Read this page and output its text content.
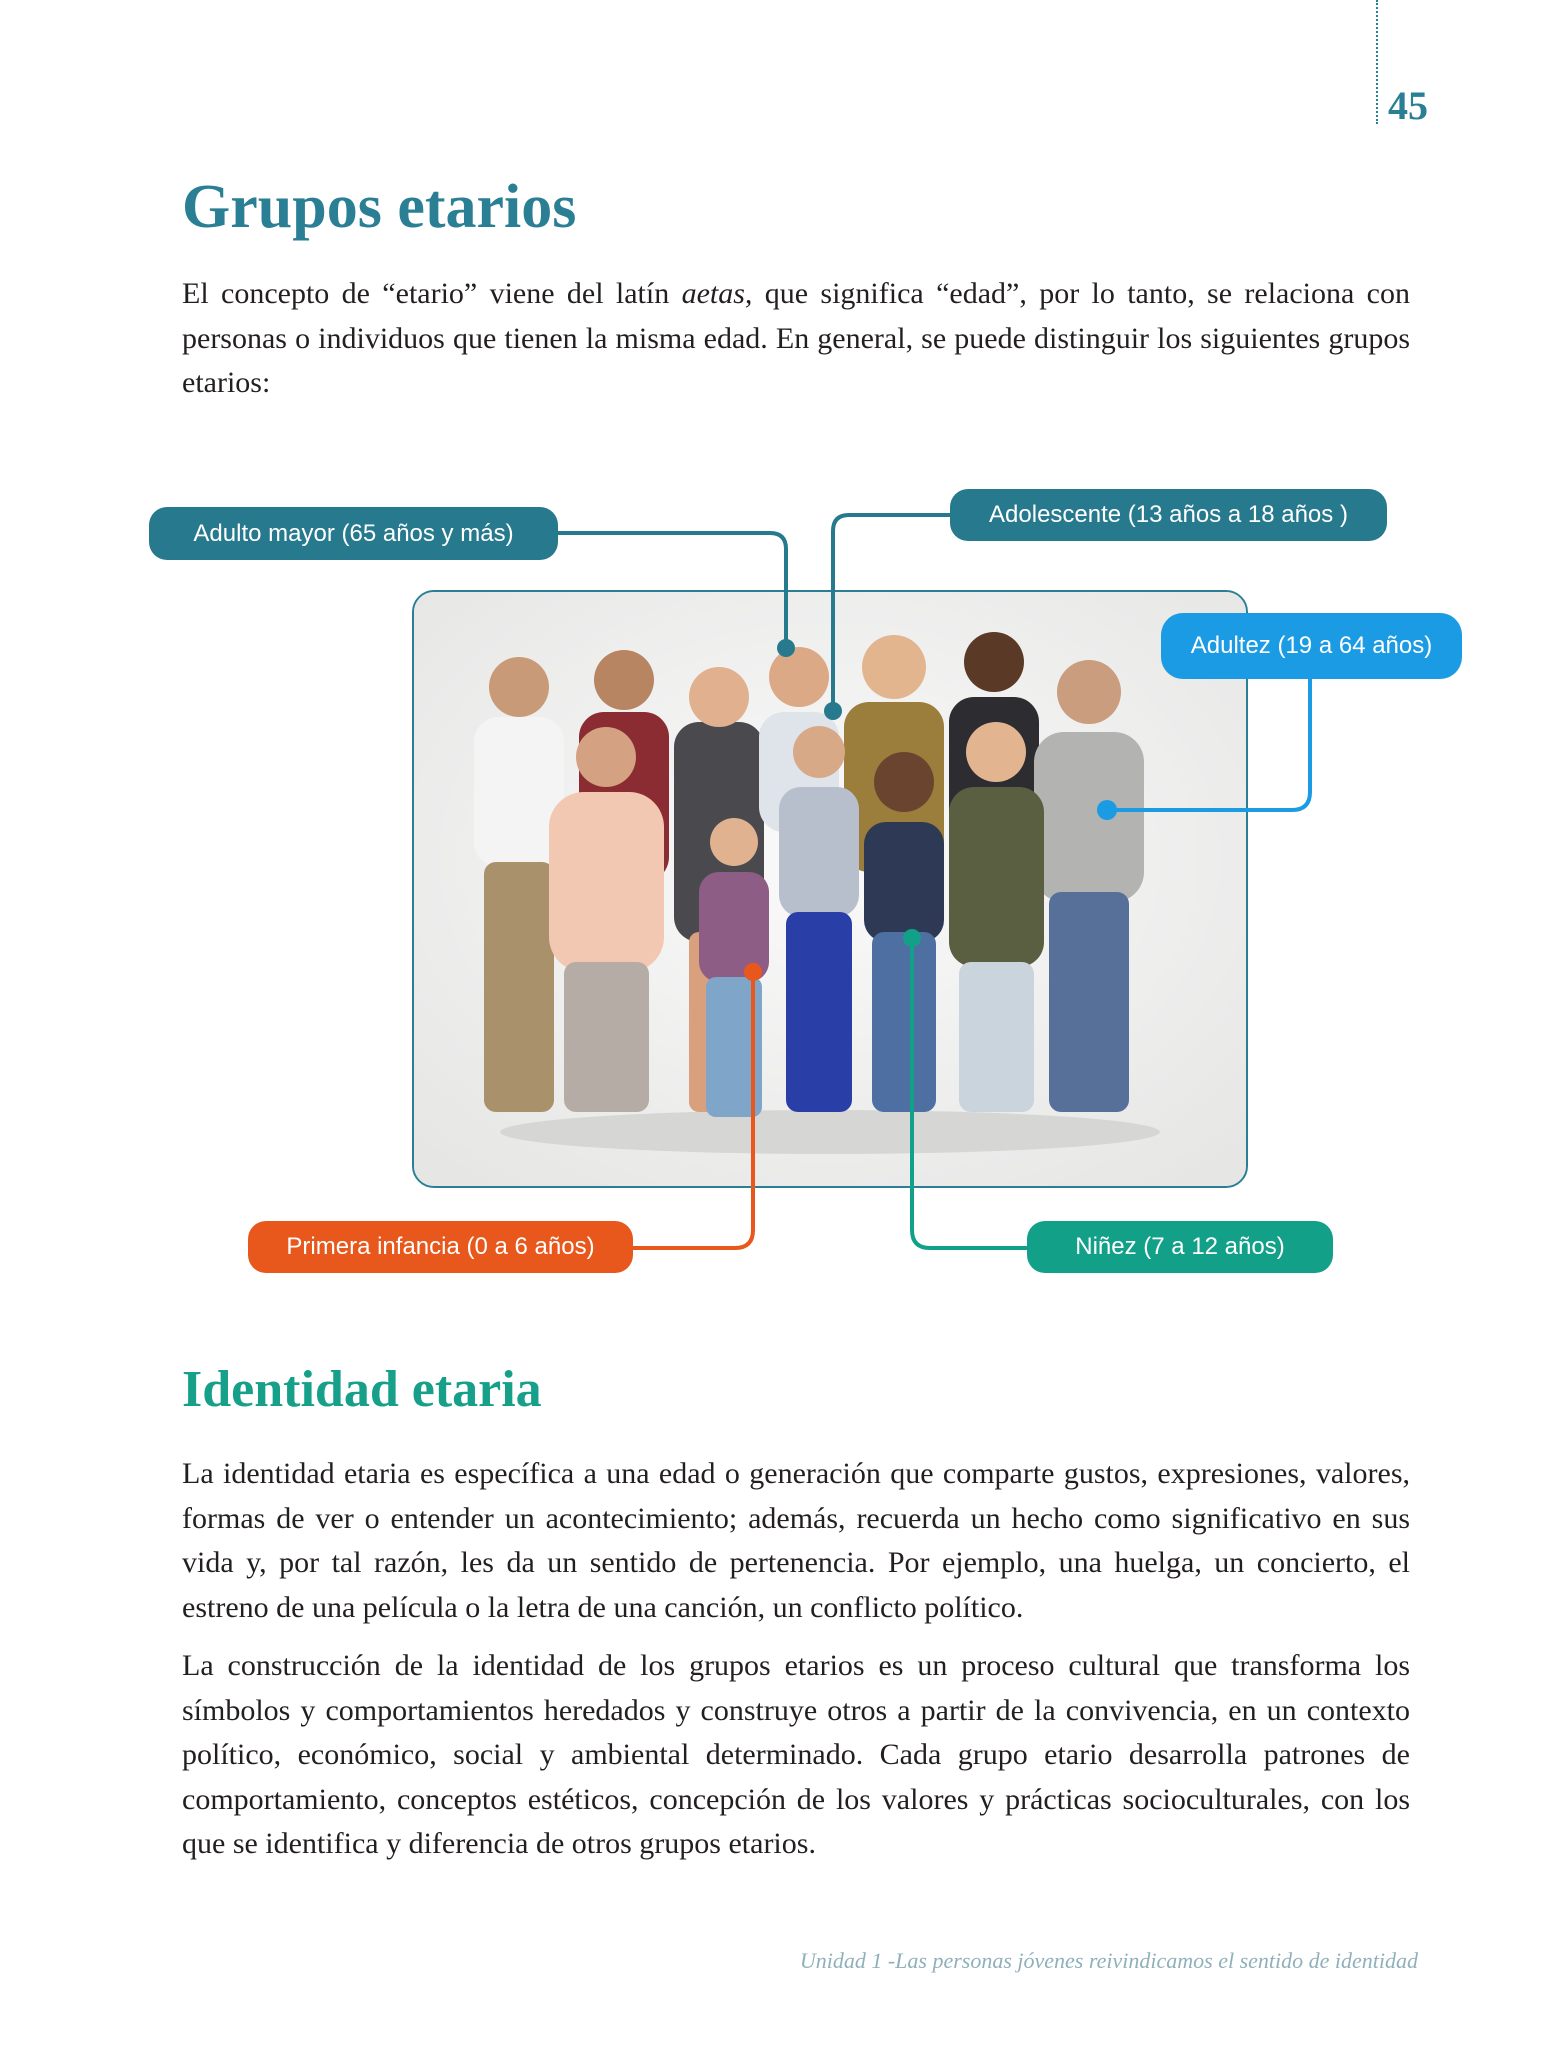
45
Grupos etarios
El concepto de “etario” viene del latín aetas, que significa “edad”, por lo tanto, se relaciona con personas o individuos que tienen la misma edad. En general, se puede distinguir los siguientes grupos etarios:
Adulto mayor (65 años y más)
Adolescente (13 años a 18 años )
Adultez (19 a 64 años)
Primera infancia (0 a 6 años)	Niñez (7 a 12 años)
Identidad etaria
La identidad etaria es específica a una edad o generación que comparte gustos, expresiones, valores, formas de ver o entender un acontecimiento; además, recuerda un hecho como significativo en sus vida y, por tal razón, les da un sentido de pertenencia. Por ejemplo, una huelga, un concierto, el estreno de una película o la letra de una canción, un conflicto político.
La construcción de la identidad de los grupos etarios es un proceso cultural que transforma los símbolos y comportamientos heredados y construye otros a partir de la convivencia, en un contexto político, económico, social y ambiental determinado. Cada grupo etario desarrolla patrones de comportamiento, conceptos estéticos, concepción de los valores y prácticas socioculturales, con los que se identifica y diferencia de otros grupos etarios.
Unidad 1 -Las personas jóvenes reivindicamos el sentido de identidad
